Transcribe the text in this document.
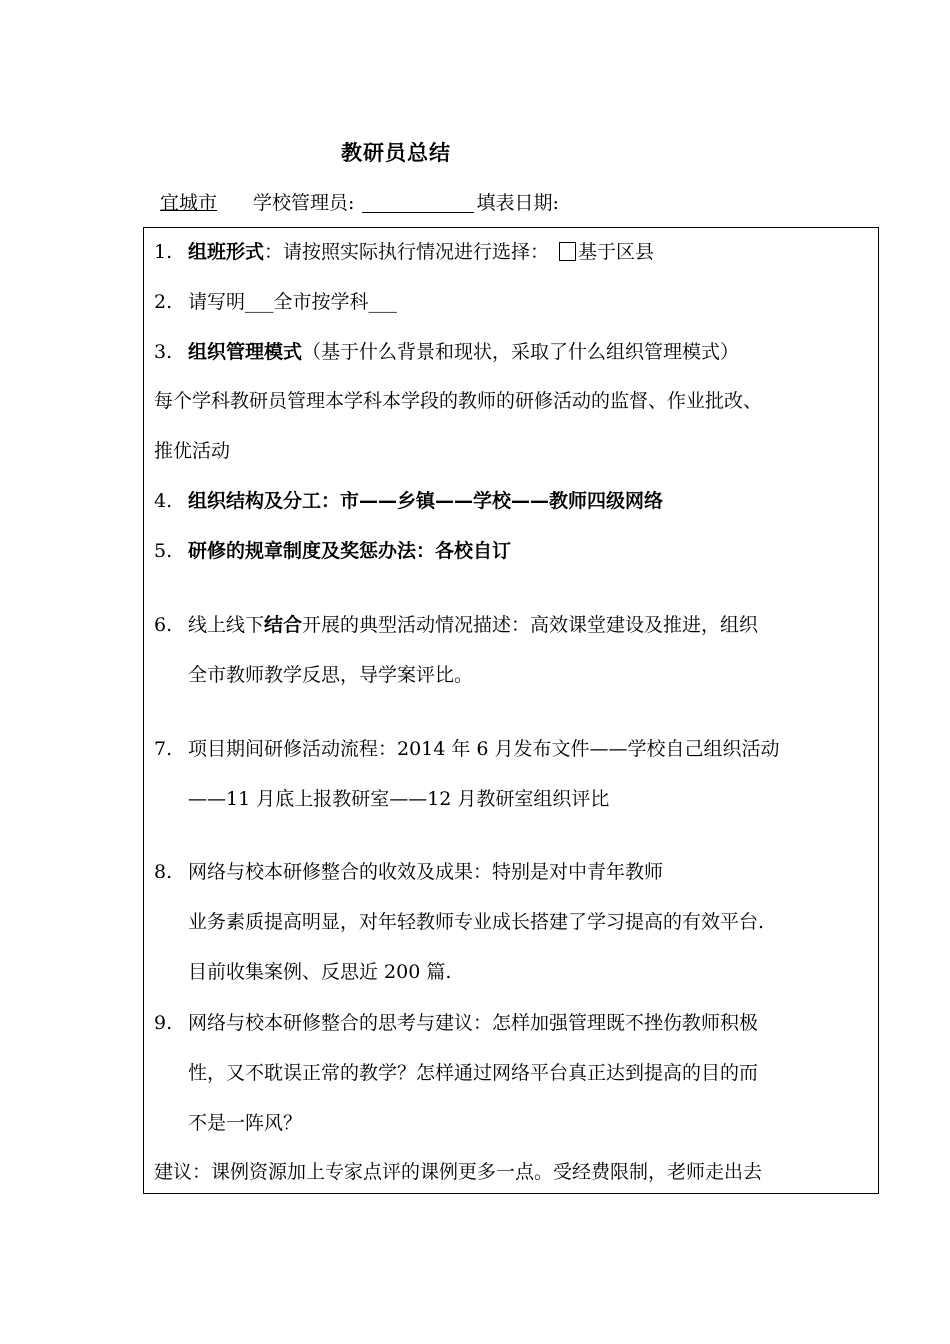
教研员总结
宜城市 学校管理员:	填表日期:
1. 组班形式：请按照实际执行情况进行选择： 基于区县
2. 请写明___全市按学科___
3. 组织管理模式（基于什么背景和现状，采取了什么组织管理模式）
每个学科教研员管理本学科本学段的教师的研修活动的监督、作业批改、
推优活动
4. 组织结构及分工：市——乡镇——学校——教师四级网络
5. 研修的规章制度及奖惩办法：各校自订
6. 线上线下结合开展的典型活动情况描述：高效课堂建设及推进，组织
全市教师教学反思，导学案评比。
7. 项目期间研修活动流程：2014 年 6 月发布文件——学校自己组织活动
——11 月底上报教研室——12 月教研室组织评比
8. 网络与校本研修整合的收效及成果：特别是对中青年教师
业务素质提高明显，对年轻教师专业成长搭建了学习提高的有效平台.
目前收集案例、反思近 200 篇.
9. 网络与校本研修整合的思考与建议：怎样加强管理既不挫伤教师积极
性，又不耽误正常的教学？怎样通过网络平台真正达到提高的目的而
不是一阵风？
建议：课例资源加上专家点评的课例更多一点。受经费限制，老师走出去
